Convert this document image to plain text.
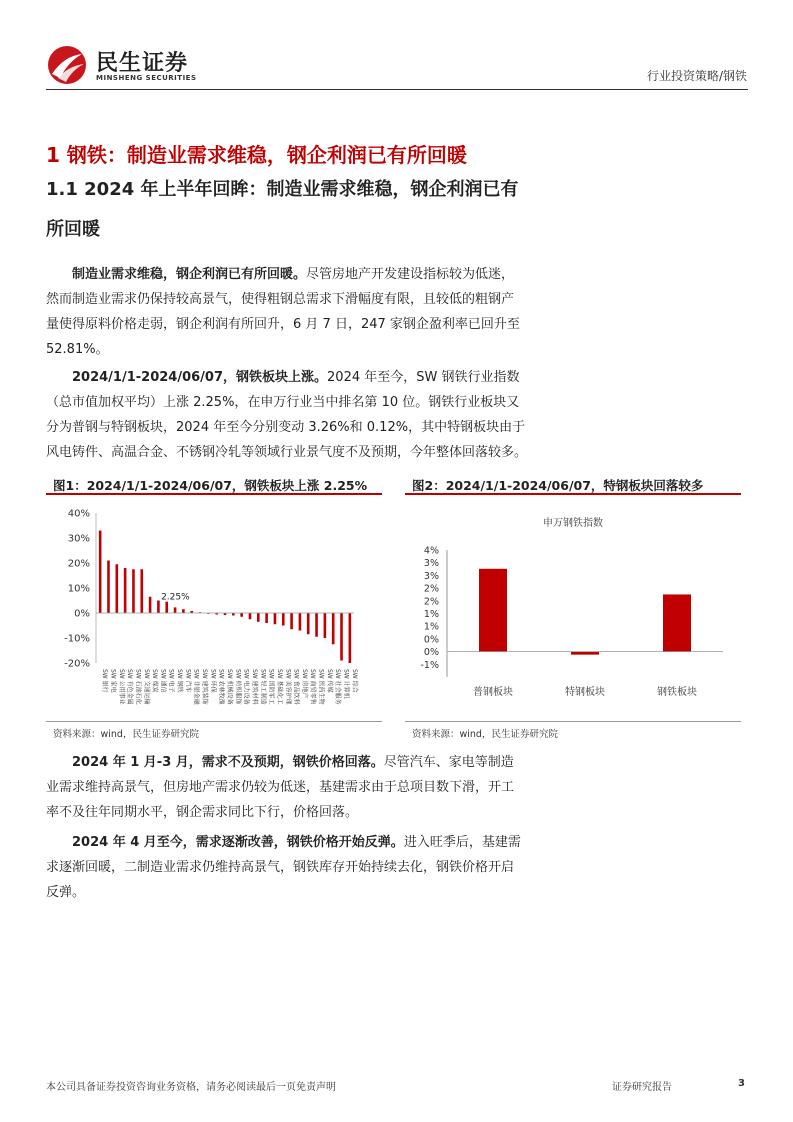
民生证券
MINSHENG SECURITIES	行业投资策略/钢铁
1 钢铁：制造业需求维稳，钢企利润已有所回暖
1.1 2024 年上半年回眸：制造业需求维稳，钢企利润已有
所回暖
制造业需求维稳，钢企利润已有所回暖。尽管房地产开发建设指标较为低迷，
然而制造业需求仍保持较高景气，使得粗钢总需求下滑幅度有限，且较低的粗钢产
量使得原料价格走弱，钢企利润有所回升，6 月 7 日，247 家钢企盈利率已回升至
52.81%。
2024/1/1-2024/06/07，钢铁板块上涨。2024 年至今，SW 钢铁行业指数
（总市值加权平均）上涨 2.25%，在申万行业当中排名第 10 位。钢铁行业板块又
分为普钢与特钢板块，2024 年至今分别变动 3.26%和 0.12%，其中特钢板块由于
风电铸件、高温合金、不锈钢冷轧等领域行业景气度不及预期，今年整体回落较多。
图1：2024/1/1-2024/06/07，钢铁板块上涨 2.25%
40%
30%
20%
10%
0%
-10%
-20%
SW 银行 SW 家电 SW 公用事业 SW 有色金属 SW 石油石化 SW 交通运输 SW 煤炭 SW 通信 SW 电子 SW 钢铁 SW 汽车 SW 非银金融 SW 建筑装饰 SW 环保 SW 农林牧渔 SW 机械设备 SW 纺织服饰 SW 电力设备 SW 建筑材料 SW 轻工制造 SW 国防军工 SW 基础化工 SW 美容护理 SW 食品饮料 SW 房地产 SW 商贸零售 SW 医药生物 SW 传媒 SW 社会服务 SW 计算机 SW 综合
2.25%
资料来源：wind，民生证券研究院
图2：2024/1/1-2024/06/07，特钢板块回落较多
申万钢铁指数
4%
3%
3%
2%
2%
1%
1%
0%
0%
-1%
普钢板块	特钢板块	钢铁板块
资料来源：wind，民生证券研究院
2024 年 1 月-3 月，需求不及预期，钢铁价格回落。尽管汽车、家电等制造
业需求维持高景气，但房地产需求仍较为低迷，基建需求由于总项目数下滑，开工
率不及往年同期水平，钢企需求同比下行，价格回落。
2024 年 4 月至今，需求逐渐改善，钢铁价格开始反弹。进入旺季后，基建需
求逐渐回暖，二制造业需求仍维持高景气，钢铁库存开始持续去化，钢铁价格开启
反弹。
本公司具备证券投资咨询业务资格，请务必阅读最后一页免责声明	证券研究报告	3
